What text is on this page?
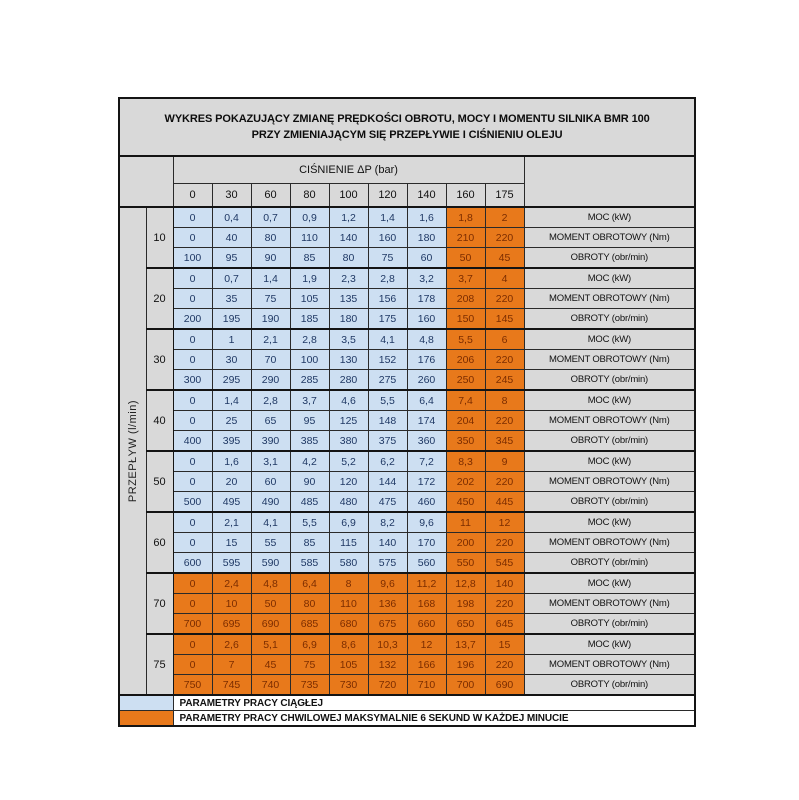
WYKRES POKAZUJĄCY ZMIANĘ PRĘDKOŚCI OBROTU, MOCY I MOMENTU SILNIKA BMR 100
PRZY ZMIENIAJĄCYM SIĘ PRZEPŁYWIE I CIŚNIENIU OLEJU											

		CIŚNIENIE ΔP (bar)									
		0	30	60	80	100	120	140	160	175	

PRZEPŁYW (l/min)	10	0	0,4	0,7	0,9	1,2	1,4	1,6	1,8	2	MOC (kW)
		0	40	80	110	140	160	180	210	220	MOMENT OBROTOWY (Nm)
		100	95	90	85	80	75	60	50	45	OBROTY (obr/min)
	20	0	0,7	1,4	1,9	2,3	2,8	3,2	3,7	4	MOC (kW)
		0	35	75	105	135	156	178	208	220	MOMENT OBROTOWY (Nm)
		200	195	190	185	180	175	160	150	145	OBROTY (obr/min)
	30	0	1	2,1	2,8	3,5	4,1	4,8	5,5	6	MOC (kW)
		0	30	70	100	130	152	176	206	220	MOMENT OBROTOWY (Nm)
		300	295	290	285	280	275	260	250	245	OBROTY (obr/min)
	40	0	1,4	2,8	3,7	4,6	5,5	6,4	7,4	8	MOC (kW)
		0	25	65	95	125	148	174	204	220	MOMENT OBROTOWY (Nm)
		400	395	390	385	380	375	360	350	345	OBROTY (obr/min)
	50	0	1,6	3,1	4,2	5,2	6,2	7,2	8,3	9	MOC (kW)
		0	20	60	90	120	144	172	202	220	MOMENT OBROTOWY (Nm)
		500	495	490	485	480	475	460	450	445	OBROTY (obr/min)
	60	0	2,1	4,1	5,5	6,9	8,2	9,6	11	12	MOC (kW)
		0	15	55	85	115	140	170	200	220	MOMENT OBROTOWY (Nm)
		600	595	590	585	580	575	560	550	545	OBROTY (obr/min)
	70	0	2,4	4,8	6,4	8	9,6	11,2	12,8	140	MOC (kW)
		0	10	50	80	110	136	168	198	220	MOMENT OBROTOWY (Nm)
		700	695	690	685	680	675	660	650	645	OBROTY (obr/min)
	75	0	2,6	5,1	6,9	8,6	10,3	12	13,7	15	MOC (kW)
		0	7	45	75	105	132	166	196	220	MOMENT OBROTOWY (Nm)
		750	745	740	735	730	720	710	700	690	OBROTY (obr/min)
		PARAMETRY PRACY CIĄGŁEJ									
		PARAMETRY PRACY CHWILOWEJ MAKSYMALNIE 6 SEKUND W KAŻDEJ MINUCIE									
